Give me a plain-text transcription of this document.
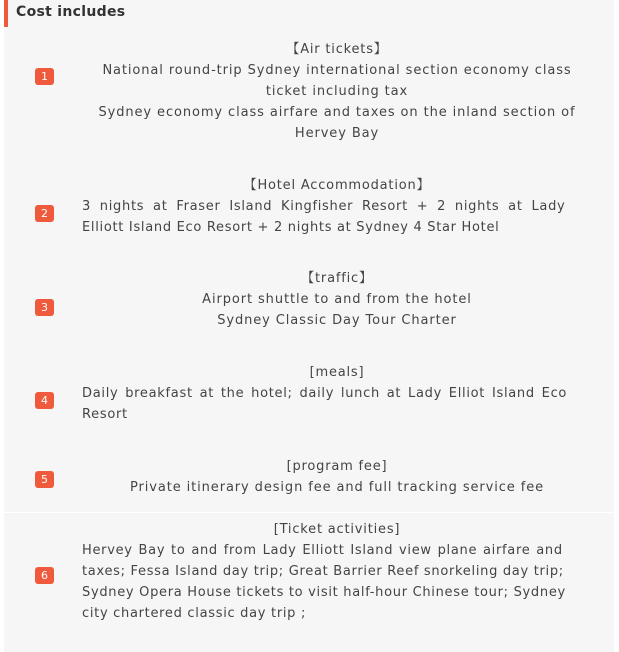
Cost includes
1
【Air tickets】
National round-trip Sydney international section economy class
ticket including tax
Sydney economy class airfare and taxes on the inland section of
Hervey Bay
2
【Hotel Accommodation】
3 nights at Fraser Island Kingfisher Resort + 2 nights at Lady
Elliott Island Eco Resort + 2 nights at Sydney 4 Star Hotel
3
【traffic】
Airport shuttle to and from the hotel
Sydney Classic Day Tour Charter
4
[meals]
Daily breakfast at the hotel; daily lunch at Lady Elliot Island Eco
Resort
5
[program fee]
Private itinerary design fee and full tracking service fee
6
[Ticket activities]
Hervey Bay to and from Lady Elliott Island view plane airfare and
taxes; Fessa Island day trip; Great Barrier Reef snorkeling day trip;
Sydney Opera House tickets to visit half-hour Chinese tour; Sydney
city chartered classic day trip ;
